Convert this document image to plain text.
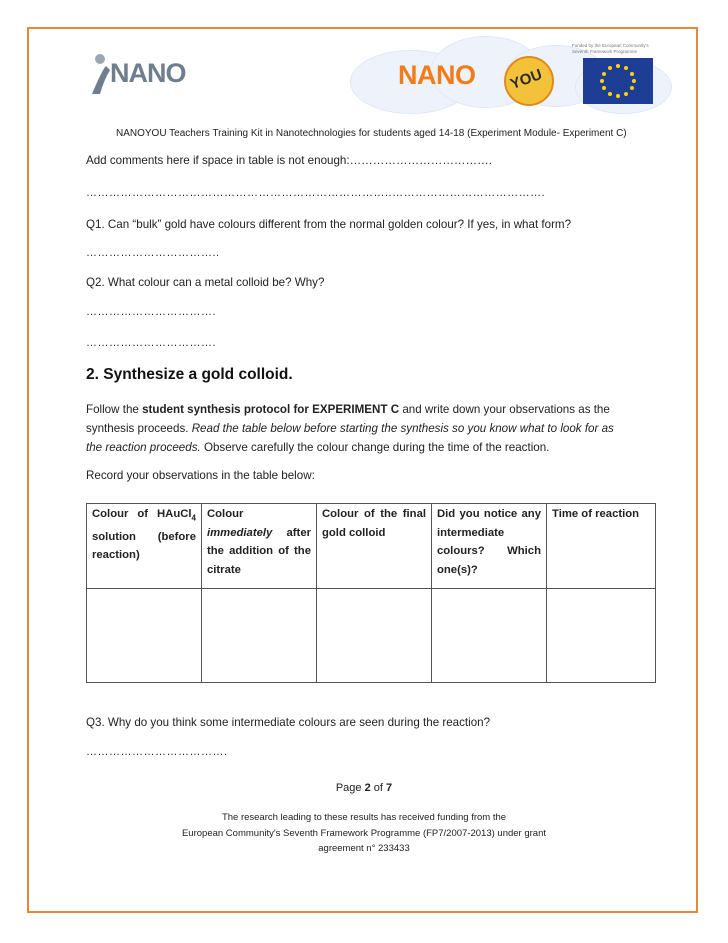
NANO	NANO YOU
Funded by the European Community's Seventh Framework Programme
NANOYOU Teachers Training Kit in Nanotechnologies for students aged 14-18 (Experiment Module- Experiment C)
Add comments here if space in table is not enough:……………………………….
……………………………………………………………………..………………………………….
Q1. Can “bulk” gold have colours different from the normal golden colour? If yes, in what form?
……………………………..
Q2. What colour can a metal colloid be? Why?
…………………………….
…………………………….
2. Synthesize a gold colloid.
Follow the student synthesis protocol for EXPERIMENT C and write down your observations as the
synthesis proceeds. Read the table below before starting the synthesis so you know what to look for as
the reaction proceeds. Observe carefully the colour change during the time of the reaction.
Record your observations in the table below:
Colour of HAuCl$_4$ solution (before reaction)	Colour immediately after the addition of the citrate	Colour of the final gold colloid	Did you notice any intermediate colours? Which one(s)?	Time of reaction

Q3. Why do you think some intermediate colours are seen during the reaction?
……………………………….
Page 2 of 7
The research leading to these results has received funding from the
European Community's Seventh Framework Programme (FP7/2007-2013) under grant
agreement n° 233433
